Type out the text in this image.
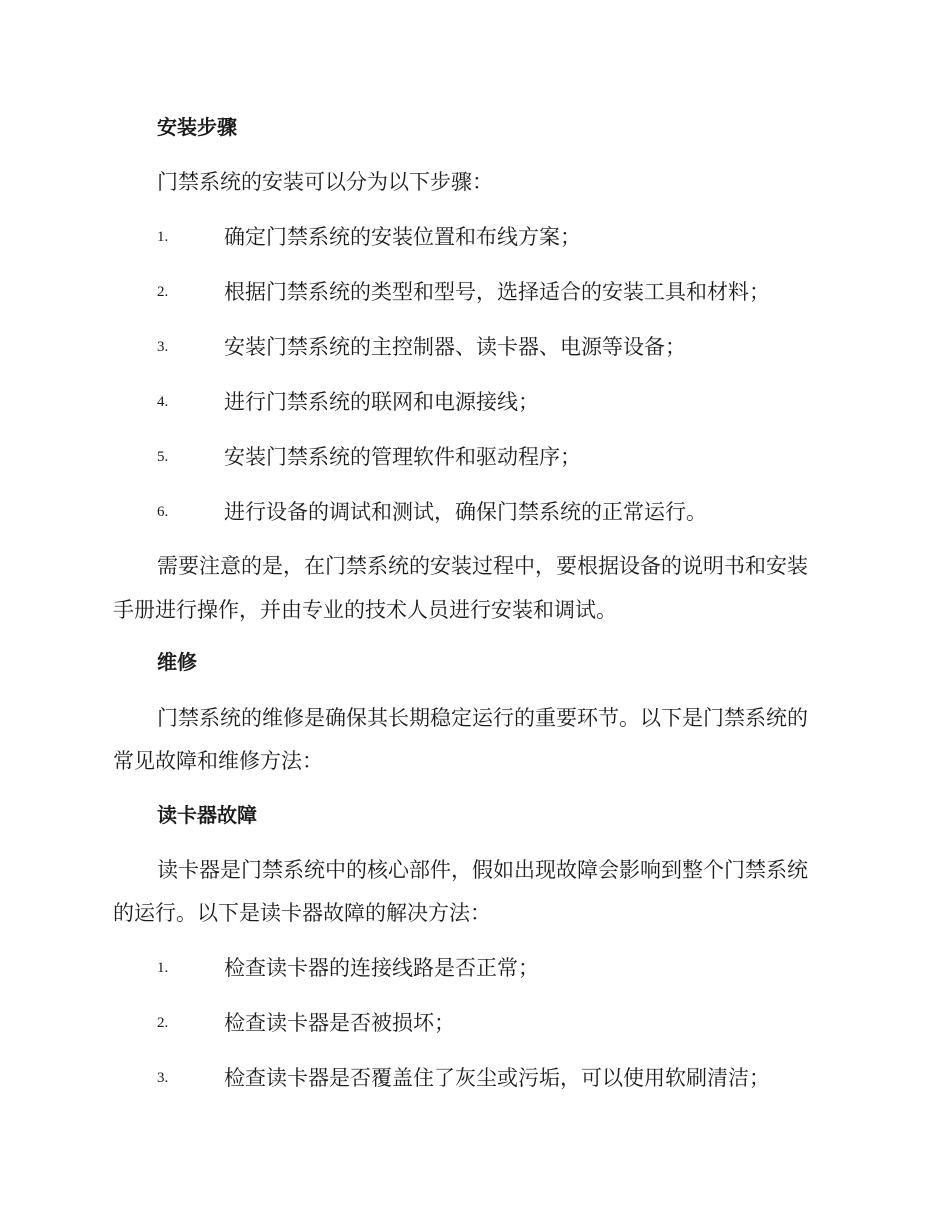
安装步骤
门禁系统的安装可以分为以下步骤：
1.	确定门禁系统的安装位置和布线方案；
2.	根据门禁系统的类型和型号，选择适合的安装工具和材料；
3.	安装门禁系统的主控制器、读卡器、电源等设备；
4.	进行门禁系统的联网和电源接线；
5.	安装门禁系统的管理软件和驱动程序；
6.	进行设备的调试和测试，确保门禁系统的正常运行。
需要注意的是，在门禁系统的安装过程中，要根据设备的说明书和安装
手册进行操作，并由专业的技术人员进行安装和调试。
维修
门禁系统的维修是确保其长期稳定运行的重要环节。以下是门禁系统的
常见故障和维修方法：
读卡器故障
读卡器是门禁系统中的核心部件，假如出现故障会影响到整个门禁系统
的运行。以下是读卡器故障的解决方法：
1.	检查读卡器的连接线路是否正常；
2.	检查读卡器是否被损坏；
3.	检查读卡器是否覆盖住了灰尘或污垢，可以使用软刷清洁；
